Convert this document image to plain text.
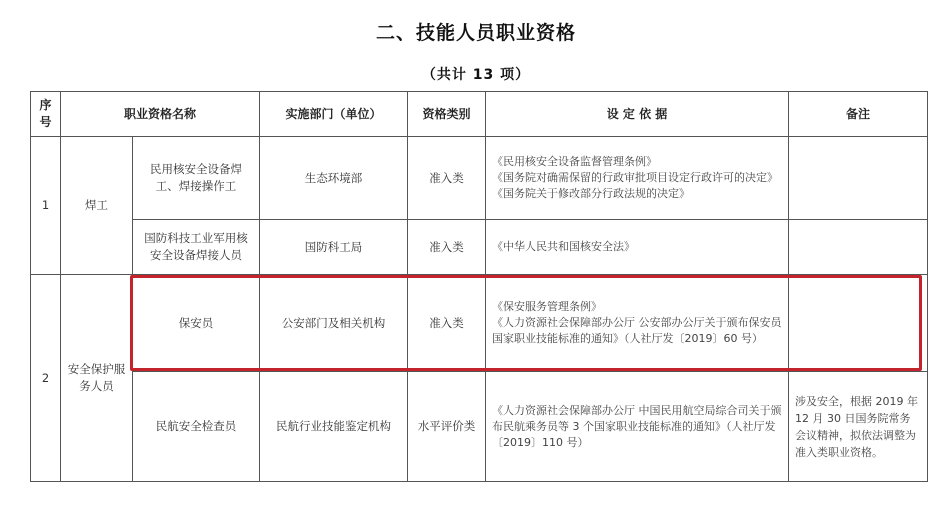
二、技能人员职业资格
（共计 13 项）
序号	职业资格名称		实施部门（单位）	资格类别	设 定 依 据	备注
1	焊工	民用核安全设备焊工、焊接操作工	生态环境部	准入类	《民用核安全设备监督管理条例》
《国务院对确需保留的行政审批项目设定行政许可的决定》
《国务院关于修改部分行政法规的决定》	

		国防科技工业军用核安全设备焊接人员	国防科工局	准入类	《中华人民共和国核安全法》	

2	安全保护服务人员	保安员	公安部门及相关机构	准入类	《保安服务管理条例》
《人力资源社会保障部办公厅 公安部办公厅关于颁布保安员国家职业技能标准的通知》（人社厅发〔2019〕60 号）	

		民航安全检查员	民航行业技能鉴定机构	水平评价类	《人力资源社会保障部办公厅 中国民用航空局综合司关于颁布民航乘务员等 3 个国家职业技能标准的通知》（人社厅发〔2019〕110 号）	涉及安全，根据 2019 年 12 月 30 日国务院常务会议精神，拟依法调整为准入类职业资格。
